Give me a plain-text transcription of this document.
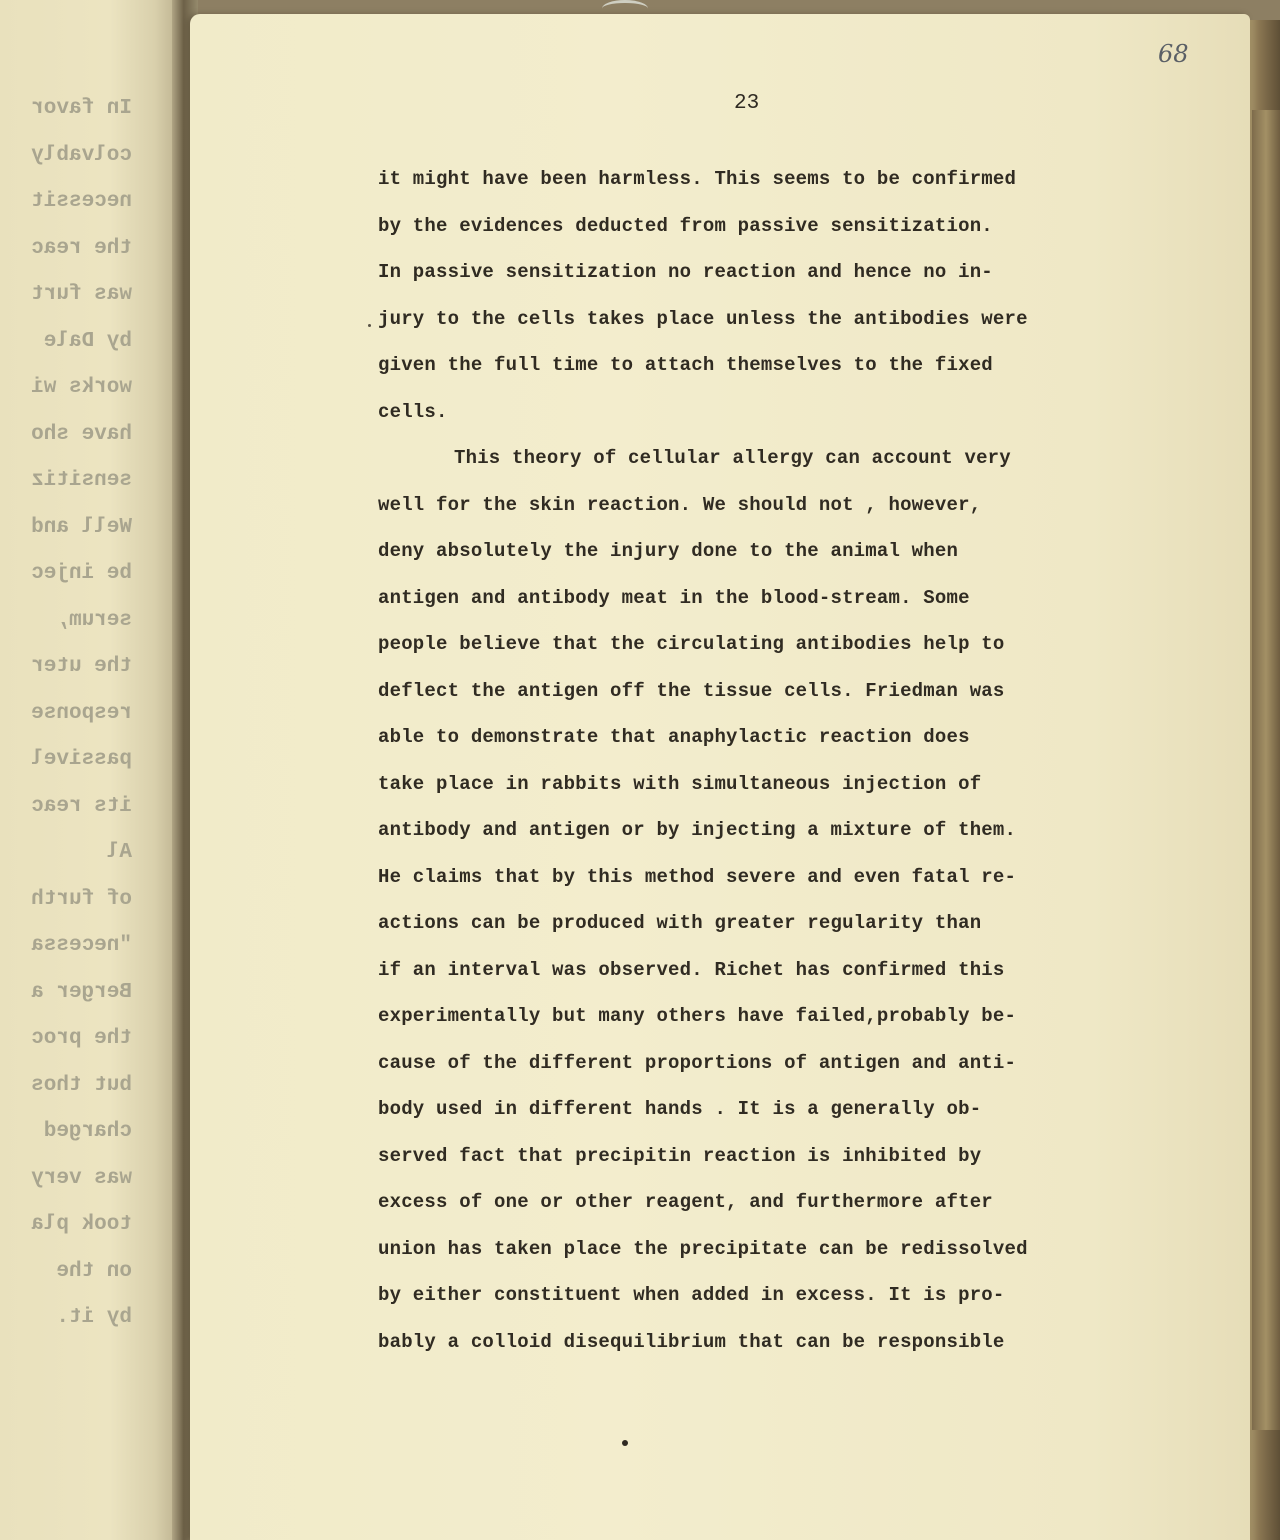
In favor
colvably
necessit
the reac
was furt
by Dale
works wi
have sho
sensitiz
Well and
be injec
serum,
the uter
response
passivel
its reac
Al
of furth
"necessa
Berger a
the proc
but thos
charged
was very
took pla
on the
by it.

68

23

it might have been harmless. This seems to be confirmed
by the evidences deducted from passive sensitization.
In passive sensitization no reaction and hence no in-
jury to the cells takes place unless the antibodies were
given the full time to attach themselves to the fixed
cells.
This theory of cellular allergy can account very
well for the skin reaction. We should not , however,
deny absolutely the injury done to the animal when
antigen and antibody meat in the blood-stream. Some
people believe that the circulating antibodies help to
deflect the antigen off the tissue cells. Friedman was
able to demonstrate that anaphylactic reaction does
take place in rabbits with simultaneous injection of
antibody and antigen or by injecting a mixture of them.
He claims that by this method severe and even fatal re-
actions can be produced with greater regularity than
if an interval was observed. Richet has confirmed this
experimentally but many others have failed,probably be-
cause of the different proportions of antigen and anti-
body used in different hands . It is a generally ob-
served fact that precipitin reaction is inhibited by
excess of one or other reagent, and furthermore after
union has taken place the precipitate can be redissolved
by either constituent when added in excess. It is pro-
bably a colloid disequilibrium that can be responsible
